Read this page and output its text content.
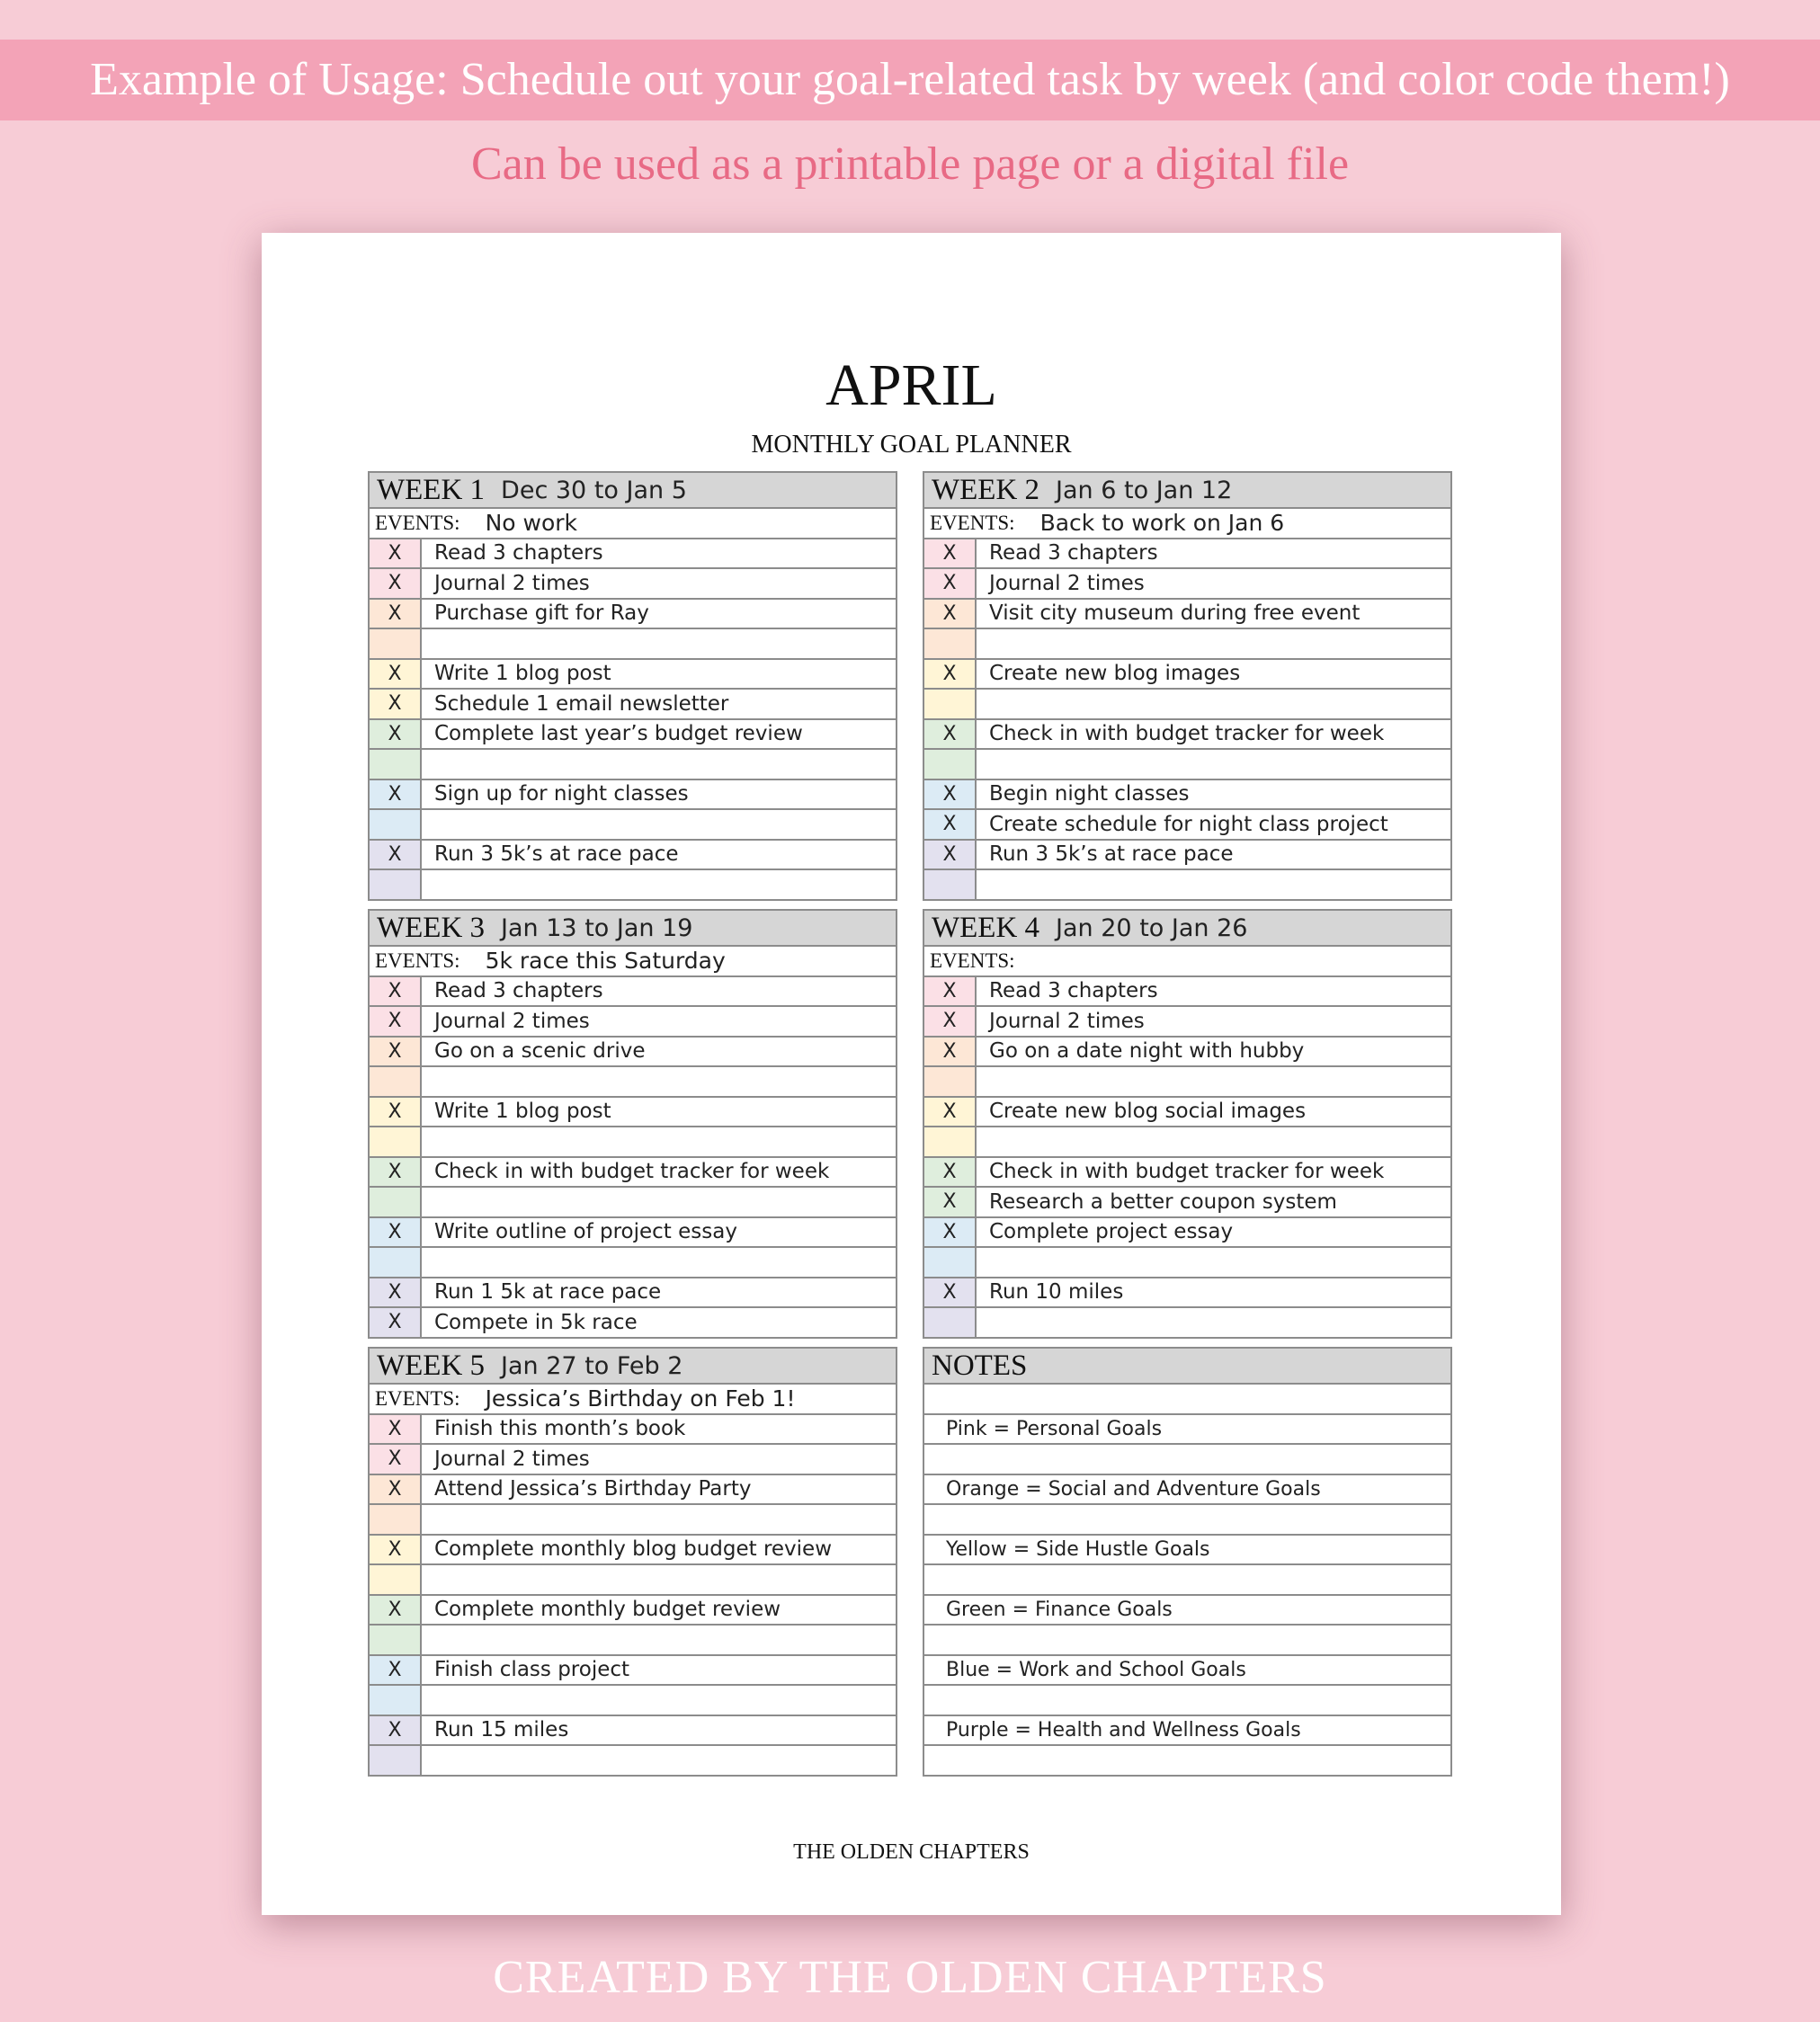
Example of Usage: Schedule out your goal-related task by week (and color code them!)
Can be used as a printable page or a digital file
APRIL
MONTHLY GOAL PLANNER
WEEK 1 Dec 30 to Jan 5
EVENTS: No work
X	Read 3 chapters
X	Journal 2 times
X	Purchase gift for Ray
X	Write 1 blog post
X	Schedule 1 email newsletter
X	Complete last year’s budget review
X	Sign up for night classes
X	Run 3 5k’s at race pace
WEEK 2 Jan 6 to Jan 12
EVENTS: Back to work on Jan 6
X	Read 3 chapters
X	Journal 2 times
X	Visit city museum during free event
X	Create new blog images
X	Check in with budget tracker for week
X	Begin night classes
X	Create schedule for night class project
X	Run 3 5k’s at race pace
WEEK 3 Jan 13 to Jan 19
EVENTS: 5k race this Saturday
X	Read 3 chapters
X	Journal 2 times
X	Go on a scenic drive
X	Write 1 blog post
X	Check in with budget tracker for week
X	Write outline of project essay
X	Run 1 5k at race pace
X	Compete in 5k race
WEEK 4 Jan 20 to Jan 26
EVENTS:
X	Read 3 chapters
X	Journal 2 times
X	Go on a date night with hubby
X	Create new blog social images
X	Check in with budget tracker for week
X	Research a better coupon system
X	Complete project essay
X	Run 10 miles
WEEK 5 Jan 27 to Feb 2
EVENTS: Jessica’s Birthday on Feb 1!
X	Finish this month’s book
X	Journal 2 times
X	Attend Jessica’s Birthday Party
X	Complete monthly blog budget review
X	Complete monthly budget review
X	Finish class project
X	Run 15 miles
NOTES
Pink = Personal Goals
Orange = Social and Adventure Goals
Yellow = Side Hustle Goals
Green = Finance Goals
Blue = Work and School Goals
Purple = Health and Wellness Goals
THE OLDEN CHAPTERS
CREATED BY THE OLDEN CHAPTERS
